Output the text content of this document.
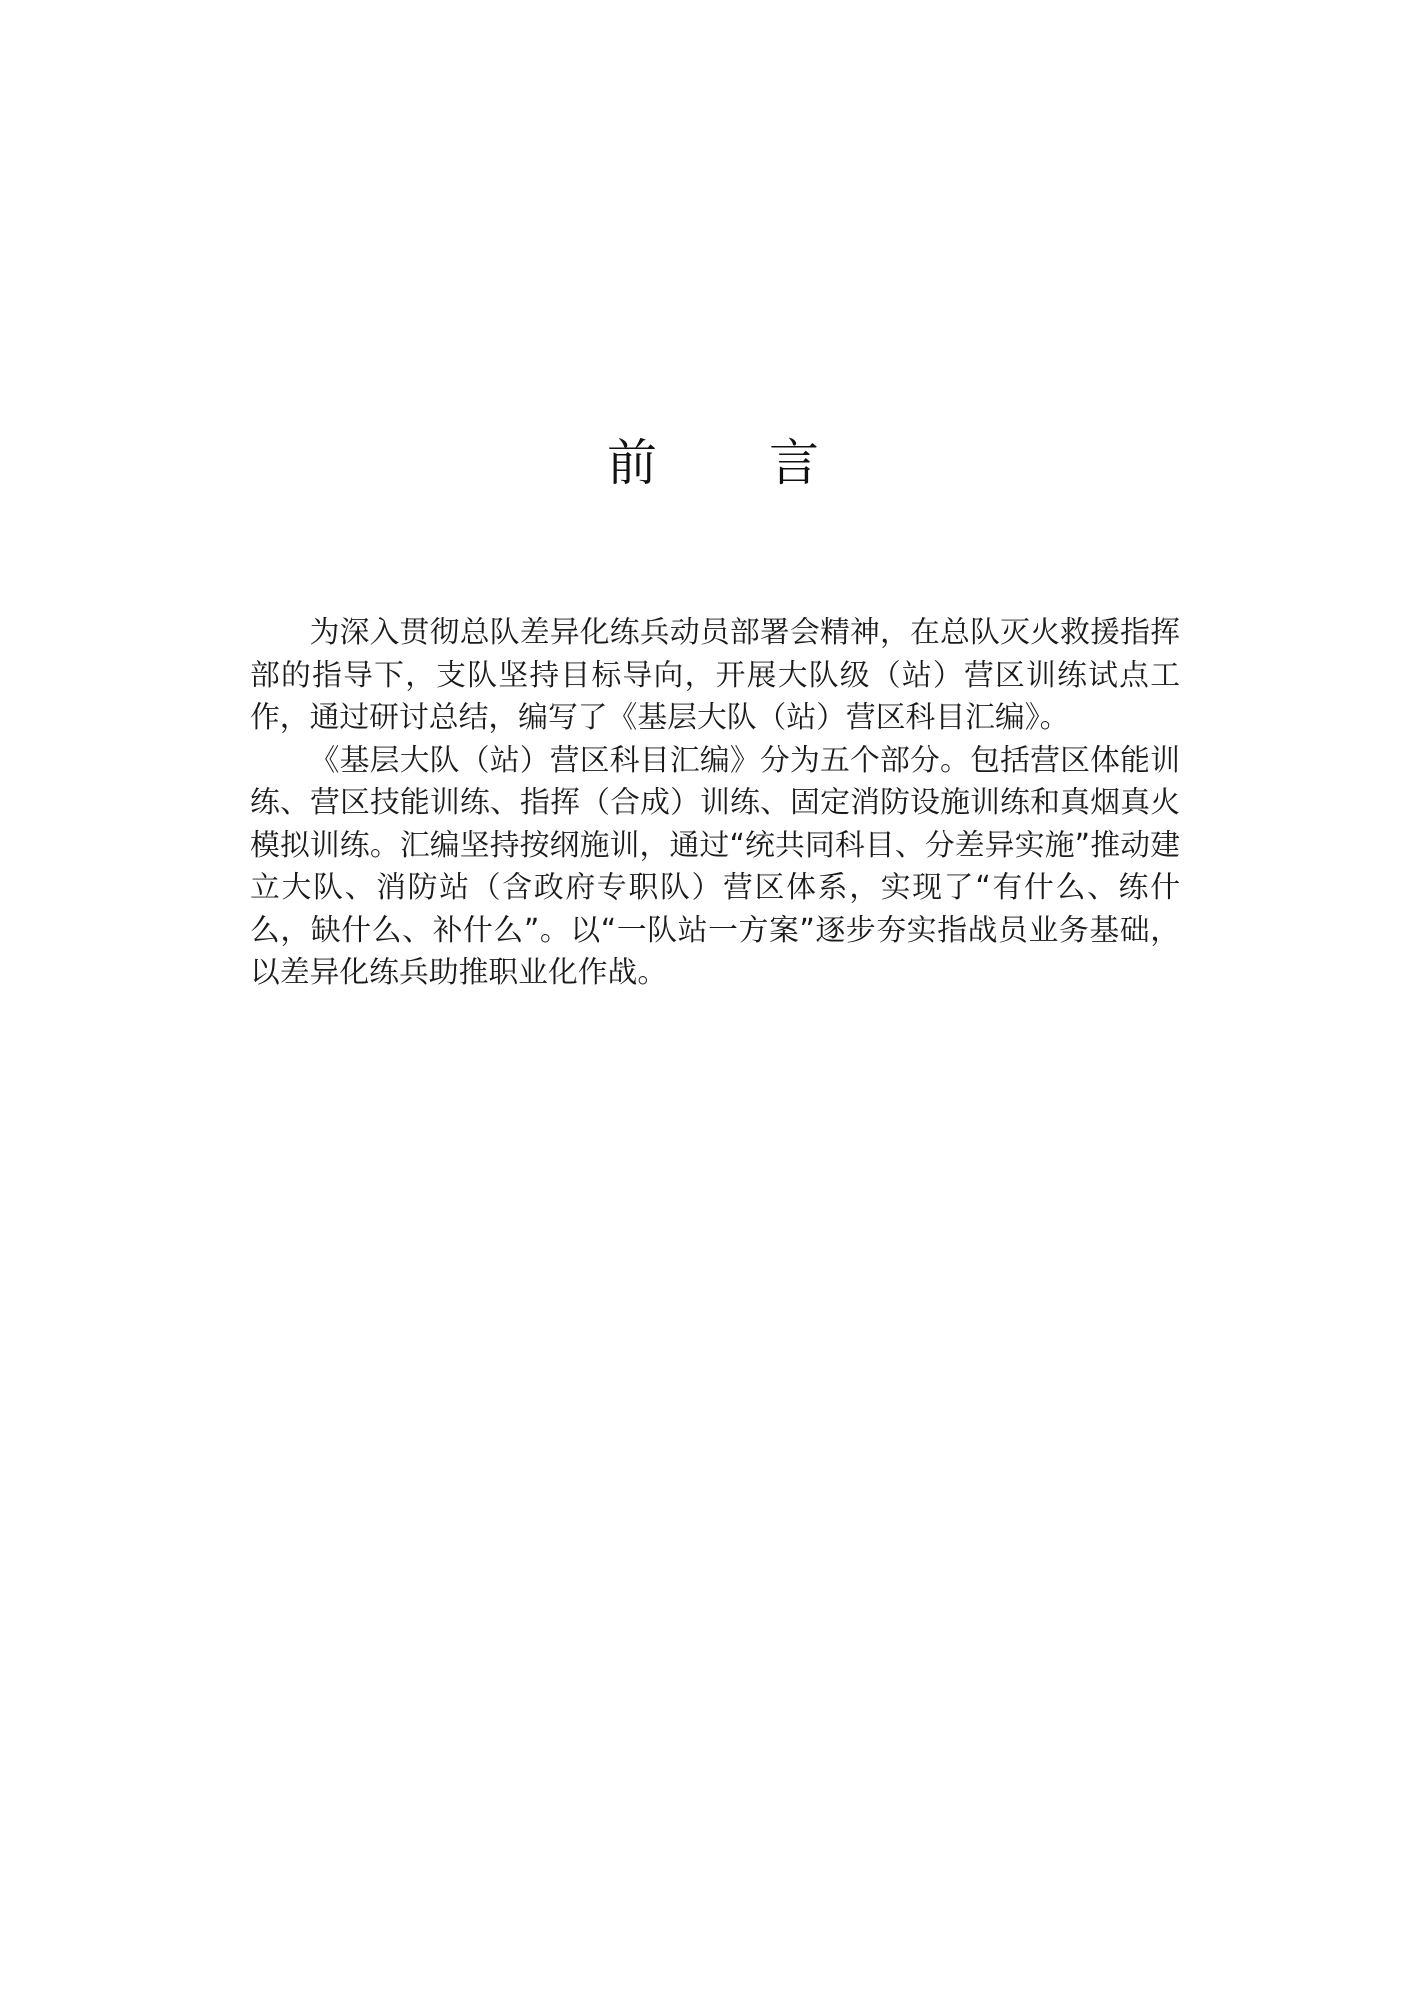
前 言

为深入贯彻总队差异化练兵动员部署会精神，在总队灭火救援指挥部的指导下，支队坚持目标导向，开展大队级（站）营区训练试点工作，通过研讨总结，编写了《基层大队（站）营区科目汇编》。

《基层大队（站）营区科目汇编》分为五个部分。包括营区体能训练、营区技能训练、指挥（合成）训练、固定消防设施训练和真烟真火模拟训练。汇编坚持按纲施训，通过“统共同科目、分差异实施”推动建立大队、消防站（含政府专职队）营区体系，实现了“有什么、练什么，缺什么、补什么”。以“一队站一方案”逐步夯实指战员业务基础，以差异化练兵助推职业化作战。
